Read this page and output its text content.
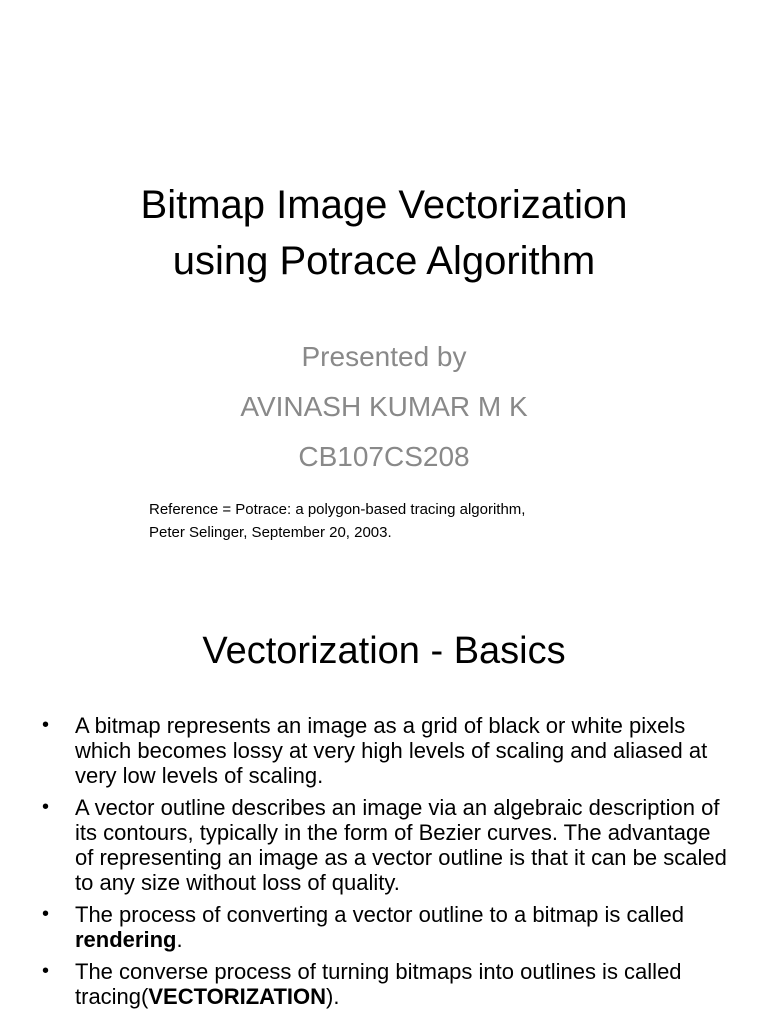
Bitmap Image Vectorization
using Potrace Algorithm
Presented by
AVINASH KUMAR M K
CB107CS208
Reference = Potrace: a polygon-based tracing algorithm,
Peter Selinger, September 20, 2003.
Vectorization - Basics
• A bitmap represents an image as a grid of black or white pixels which becomes lossy at very high levels of scaling and aliased at very low levels of scaling.
• A vector outline describes an image via an algebraic description of its contours, typically in the form of Bezier curves. The advantage of representing an image as a vector outline is that it can be scaled to any size without loss of quality.
• The process of converting a vector outline to a bitmap is called rendering.
• The converse process of turning bitmaps into outlines is called tracing(VECTORIZATION).
